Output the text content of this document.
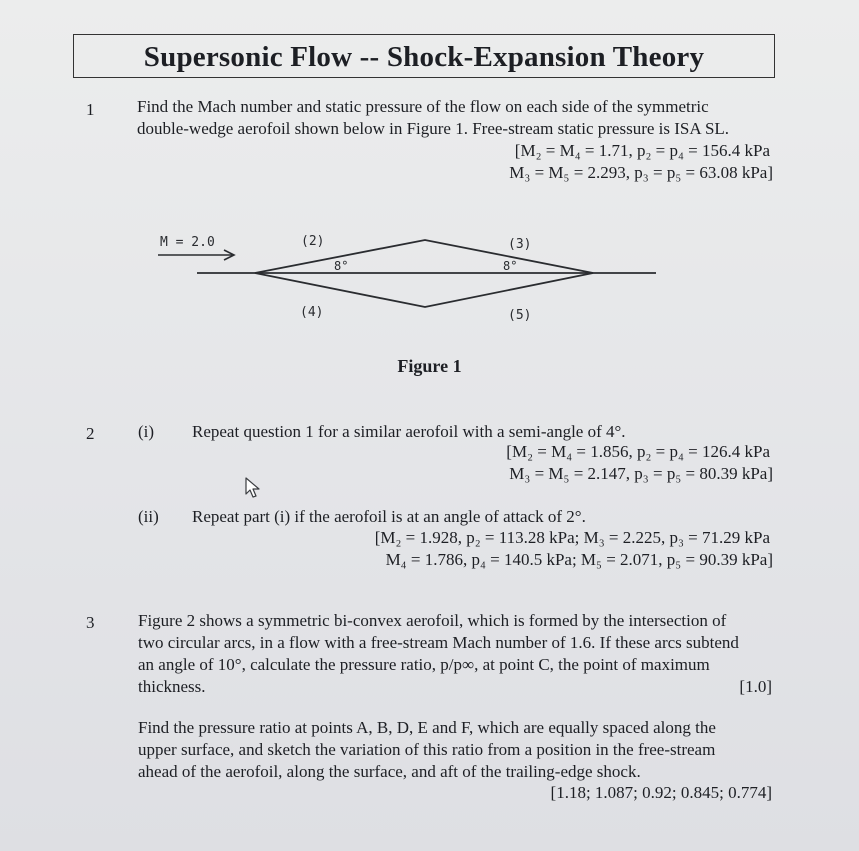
Supersonic Flow -- Shock-Expansion Theory
1	Find the Mach number and static pressure of the flow on each side of the symmetric
double-wedge aerofoil shown below in Figure 1. Free-stream static pressure is ISA SL.
[M₂ = M₄ = 1.71, p₂ = p₄ = 156.4 kPa
M₃ = M₅ = 2.293, p₃ = p₅ = 63.08 kPa]
M = 2.0	(2)	(3)
(4)	(5)
8°	8°
Figure 1
2	(i) Repeat question 1 for a similar aerofoil with a semi-angle of 4°.
[M₂ = M₄ = 1.856, p₂ = p₄ = 126.4 kPa
M₃ = M₅ = 2.147, p₃ = p₅ = 80.39 kPa]
(ii) Repeat part (i) if the aerofoil is at an angle of attack of 2°.
[M₂ = 1.928, p₂ = 113.28 kPa; M₃ = 2.225, p₃ = 71.29 kPa
M₄ = 1.786, p₄ = 140.5 kPa; M₅ = 2.071, p₅ = 90.39 kPa]
3	Figure 2 shows a symmetric bi-convex aerofoil, which is formed by the intersection of
two circular arcs, in a flow with a free-stream Mach number of 1.6. If these arcs subtend
an angle of 10°, calculate the pressure ratio, p/p∞, at point C, the point of maximum
thickness.	[1.0]
Find the pressure ratio at points A, B, D, E and F, which are equally spaced along the
upper surface, and sketch the variation of this ratio from a position in the free-stream
ahead of the aerofoil, along the surface, and aft of the trailing-edge shock.
[1.18; 1.087; 0.92; 0.845; 0.774]
